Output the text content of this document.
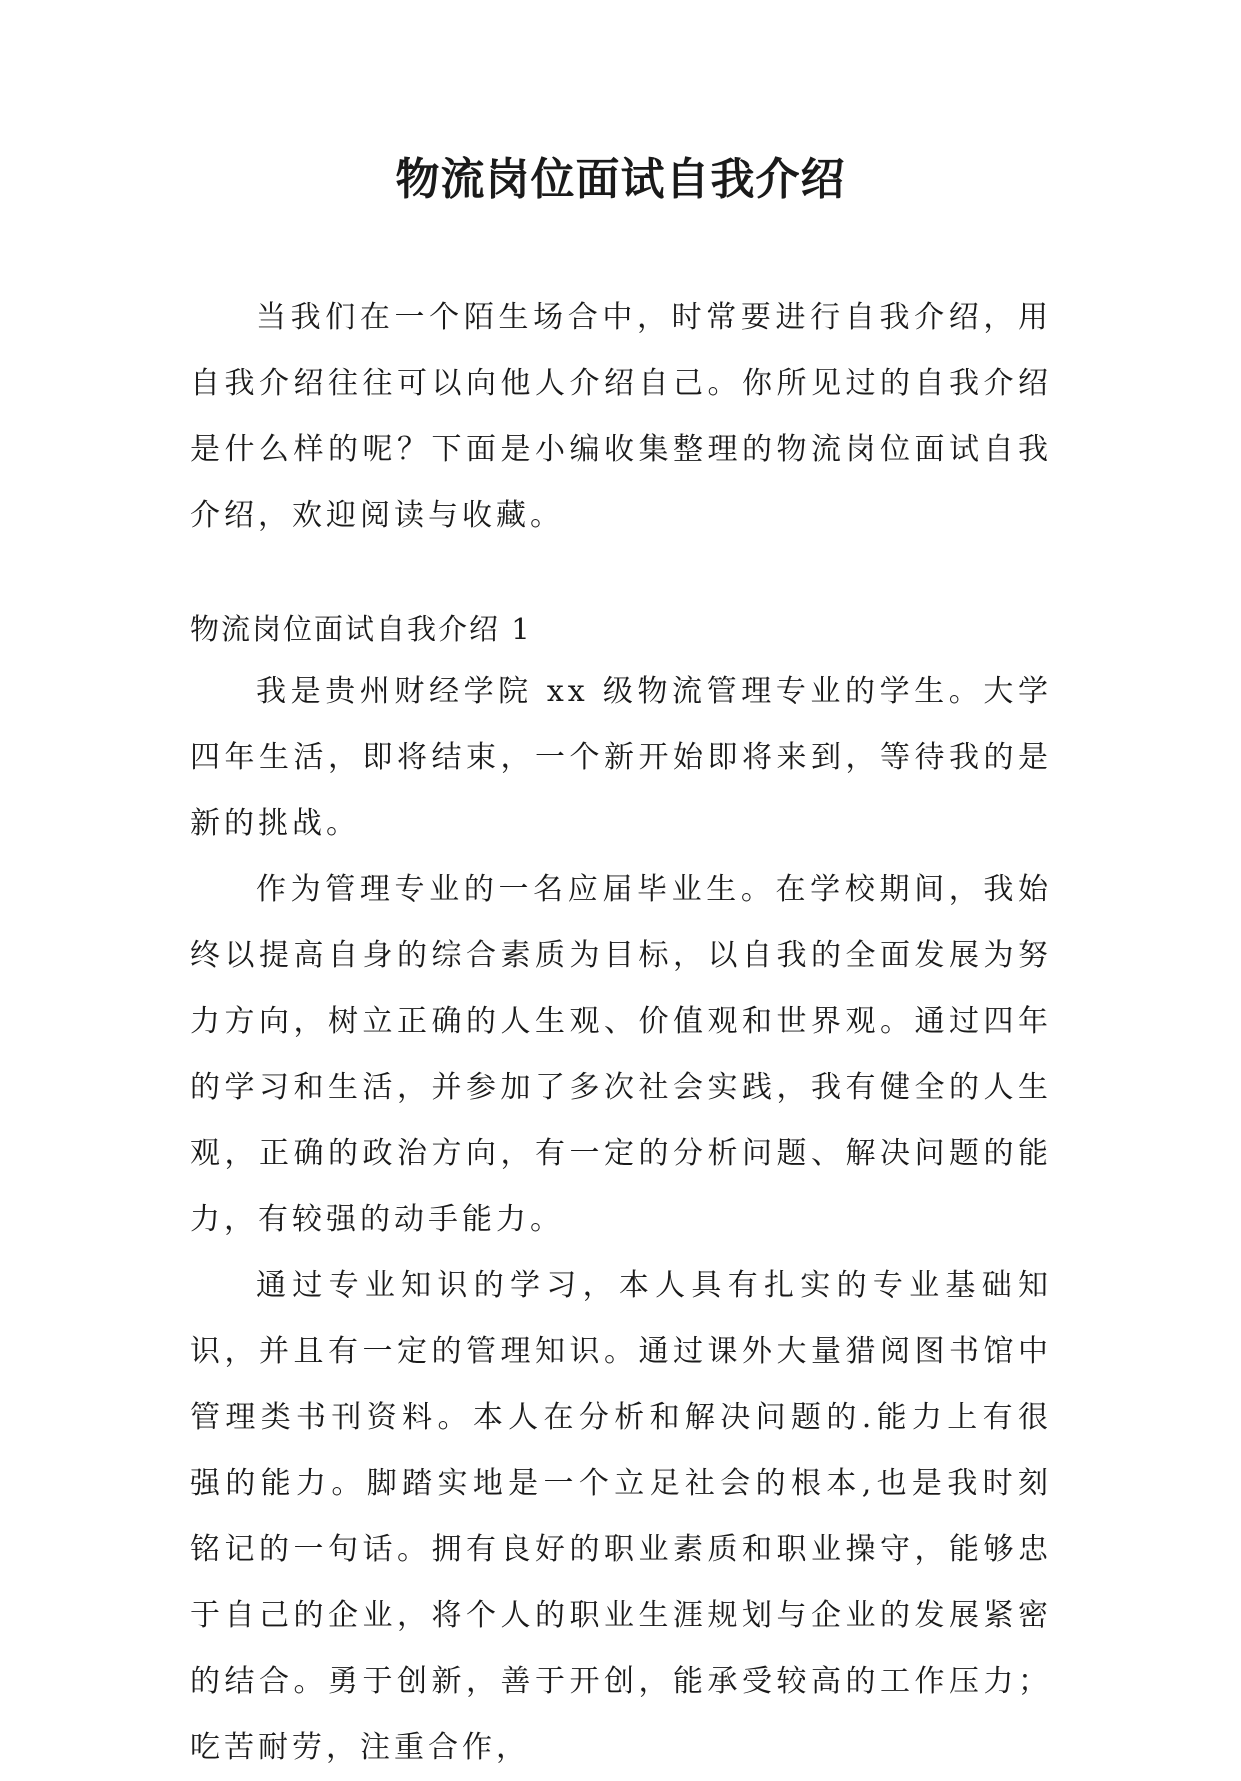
物流岗位面试自我介绍

当我们在一个陌生场合中，时常要进行自我介绍，用自我介绍往往可以向他人介绍自己。你所见过的自我介绍是什么样的呢？下面是小编收集整理的物流岗位面试自我介绍，欢迎阅读与收藏。

物流岗位面试自我介绍 1

我是贵州财经学院 xx 级物流管理专业的学生。大学四年生活，即将结束，一个新开始即将来到，等待我的是新的挑战。

作为管理专业的一名应届毕业生。在学校期间，我始终以提高自身的综合素质为目标，以自我的全面发展为努力方向，树立正确的人生观、价值观和世界观。通过四年的学习和生活，并参加了多次社会实践，我有健全的人生观，正确的政治方向，有一定的分析问题、解决问题的能力，有较强的动手能力。

通过专业知识的学习，本人具有扎实的专业基础知识，并且有一定的管理知识。通过课外大量猎阅图书馆中管理类书刊资料。本人在分析和解决问题的.能力上有很强的能力。脚踏实地是一个立足社会的根本,也是我时刻铭记的一句话。拥有良好的职业素质和职业操守，能够忠于自己的企业，将个人的职业生涯规划与企业的发展紧密的结合。勇于创新，善于开创，能承受较高的工作压力；吃苦耐劳，注重合作，
